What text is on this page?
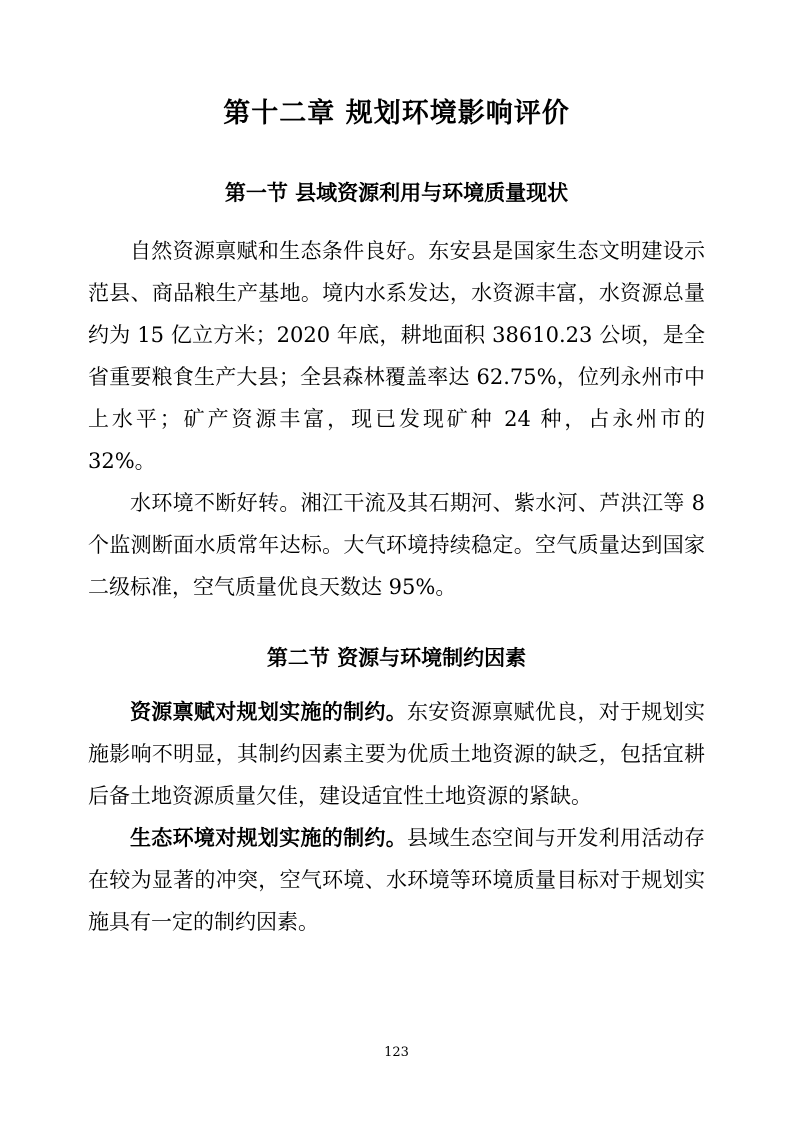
第十二章 规划环境影响评价
第一节 县域资源利用与环境质量现状

自然资源禀赋和生态条件良好。东安县是国家生态文明建设示范县、商品粮生产基地。境内水系发达，水资源丰富，水资源总量约为 15 亿立方米；2020 年底，耕地面积 38610.23 公顷，是全省重要粮食生产大县；全县森林覆盖率达 62.75%，位列永州市中上水平；矿产资源丰富，现已发现矿种 24 种，占永州市的 32%。

水环境不断好转。湘江干流及其石期河、紫水河、芦洪江等 8 个监测断面水质常年达标。大气环境持续稳定。空气质量达到国家二级标准，空气质量优良天数达 95%。

第二节 资源与环境制约因素

资源禀赋对规划实施的制约。东安资源禀赋优良，对于规划实施影响不明显，其制约因素主要为优质土地资源的缺乏，包括宜耕后备土地资源质量欠佳，建设适宜性土地资源的紧缺。

生态环境对规划实施的制约。县域生态空间与开发利用活动存在较为显著的冲突，空气环境、水环境等环境质量目标对于规划实施具有一定的制约因素。

123
